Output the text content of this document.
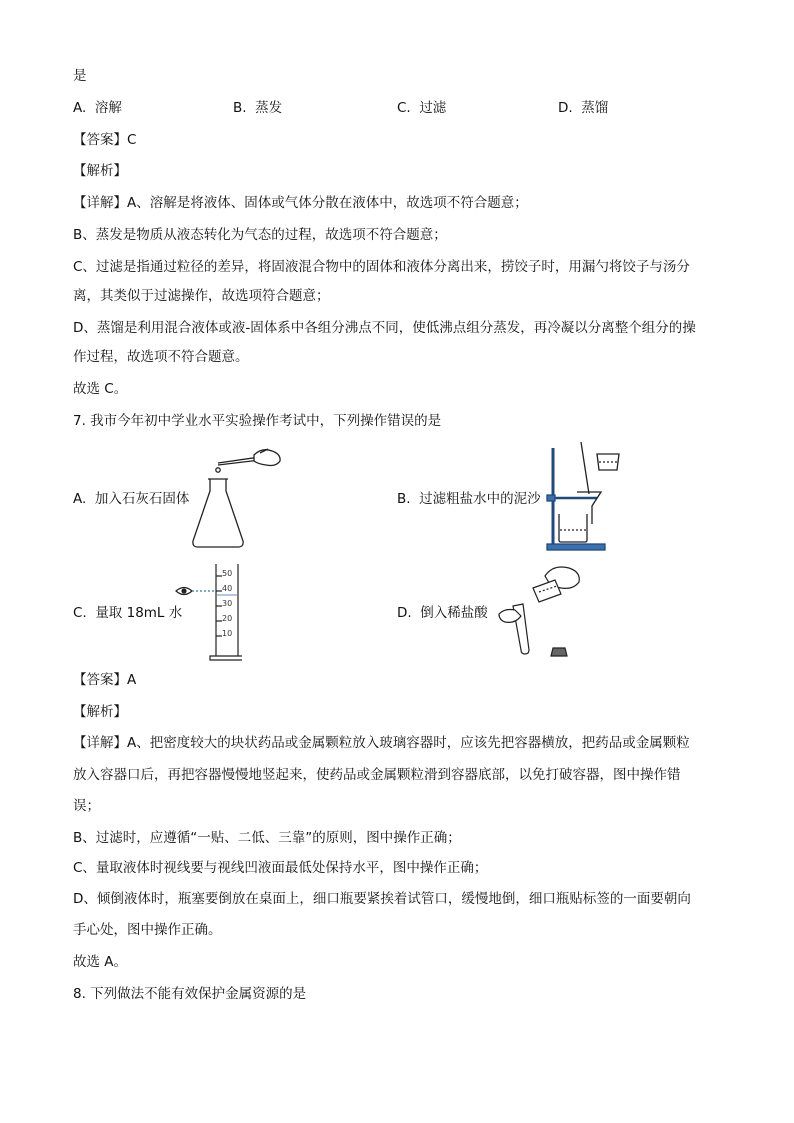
是
A. 溶解	B. 蒸发	C. 过滤	D. 蒸馏
【答案】C
【解析】
【详解】A、溶解是将液体、固体或气体分散在液体中，故选项不符合题意；
B、蒸发是物质从液态转化为气态的过程，故选项不符合题意；
C、过滤是指通过粒径的差异，将固液混合物中的固体和液体分离出来，捞饺子时，用漏勺将饺子与汤分
离，其类似于过滤操作，故选项符合题意；
D、蒸馏是利用混合液体或液-固体系中各组分沸点不同，使低沸点组分蒸发，再冷凝以分离整个组分的操
作过程，故选项不符合题意。
故选 C。
7. 我市今年初中学业水平实验操作考试中，下列操作错误的是
A. 加入石灰石固体	B. 过滤粗盐水中的泥沙
C. 量取 18mL 水	D. 倒入稀盐酸
50
40
30
20
10
【答案】A
【解析】
【详解】A、把密度较大的块状药品或金属颗粒放入玻璃容器时，应该先把容器横放，把药品或金属颗粒
放入容器口后，再把容器慢慢地竖起来，使药品或金属颗粒滑到容器底部，以免打破容器，图中操作错
误；
B、过滤时，应遵循“一贴、二低、三靠”的原则，图中操作正确；
C、量取液体时视线要与视线凹液面最低处保持水平，图中操作正确；
D、倾倒液体时，瓶塞要倒放在桌面上，细口瓶要紧挨着试管口，缓慢地倒，细口瓶贴标签的一面要朝向
手心处，图中操作正确。
故选 A。
8. 下列做法不能有效保护金属资源的是
